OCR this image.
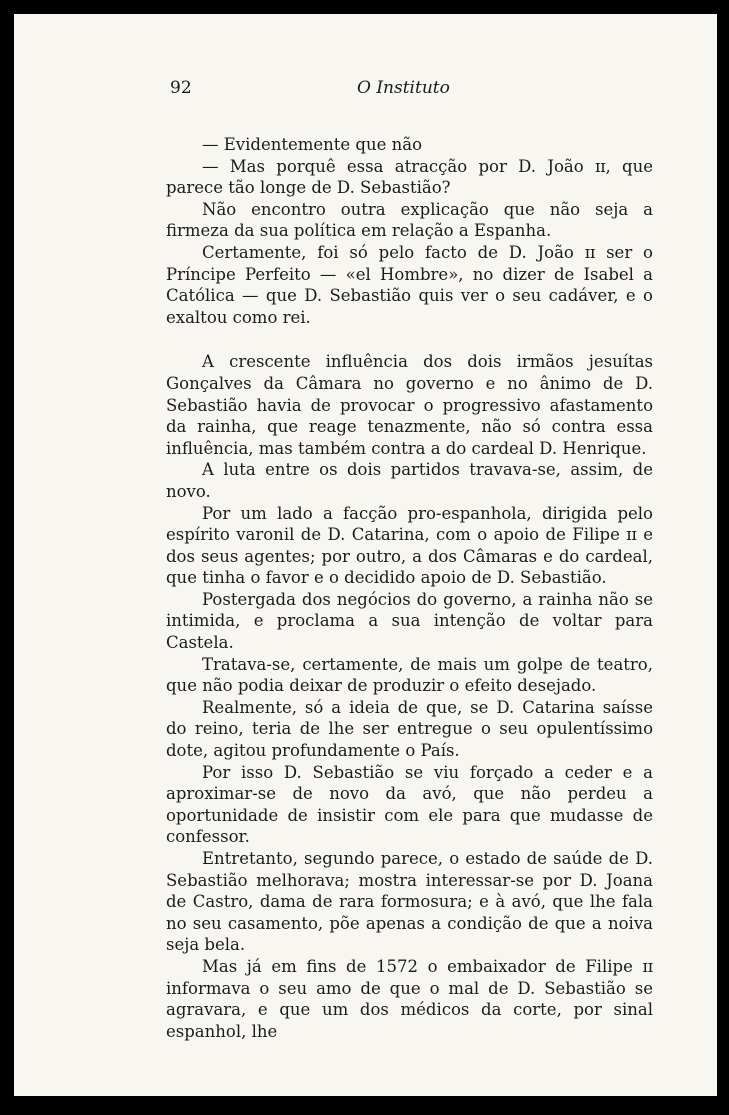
92	O Instituto

— Evidentemente que não

— Mas porquê essa atracção por D. João ɪɪ, que parece tão longe de D. Sebastião?

Não encontro outra explicação que não seja a firmeza da sua política em relação a Espanha.

Certamente, foi só pelo facto de D. João ɪɪ ser o Príncipe Perfeito — «el Hombre», no dizer de Isabel a Católica — que D. Sebastião quis ver o seu cadáver, e o exaltou como rei.

A crescente influência dos dois irmãos jesuítas Gonçalves da Câmara no governo e no ânimo de D. Sebastião havia de provocar o progressivo afastamento da rainha, que reage tenazmente, não só contra essa influência, mas também contra a do cardeal D. Henrique.

A luta entre os dois partidos travava-se, assim, de novo.

Por um lado a facção pro-espanhola, dirigida pelo espírito varonil de D. Catarina, com o apoio de Filipe ɪɪ e dos seus agentes; por outro, a dos Câmaras e do cardeal, que tinha o favor e o decidido apoio de D. Sebastião.

Postergada dos negócios do governo, a rainha não se intimida, e proclama a sua intenção de voltar para Castela.

Tratava-se, certamente, de mais um golpe de teatro, que não podia deixar de produzir o efeito desejado.

Realmente, só a ideia de que, se D. Catarina saísse do reino, teria de lhe ser entregue o seu opulentíssimo dote, agitou profundamente o País.

Por isso D. Sebastião se viu forçado a ceder e a aproximar-se de novo da avó, que não perdeu a oportunidade de insistir com ele para que mudasse de confessor.

Entretanto, segundo parece, o estado de saúde de D. Sebastião melhorava; mostra interessar-se por D. Joana de Castro, dama de rara formosura; e à avó, que lhe fala no seu casamento, põe apenas a condição de que a noiva seja bela.

Mas já em fins de 1572 o embaixador de Filipe ɪɪ informava o seu amo de que o mal de D. Sebastião se agravara, e que um dos médicos da corte, por sinal espanhol, lhe
